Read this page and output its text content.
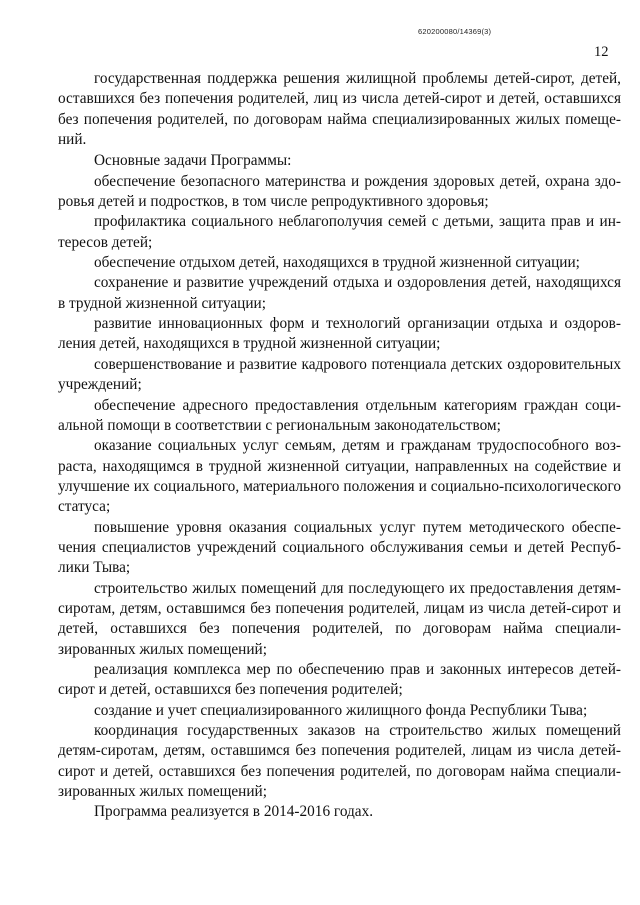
620200080/14369(3)
12

государственная поддержка решения жилищной проблемы детей-сирот, детей, оставшихся без попечения родителей, лиц из числа детей-сирот и детей, оставшихся без попечения родителей, по договорам найма специализированных жилых помещений.

Основные задачи Программы:

обеспечение безопасного материнства и рождения здоровых детей, охрана здоровья детей и подростков, в том числе репродуктивного здоровья;

профилактика социального неблагополучия семей с детьми, защита прав и интересов детей;

обеспечение отдыхом детей, находящихся в трудной жизненной ситуации;

сохранение и развитие учреждений отдыха и оздоровления детей, находящихся в трудной жизненной ситуации;

развитие инновационных форм и технологий организации отдыха и оздоровления детей, находящихся в трудной жизненной ситуации;

совершенствование и развитие кадрового потенциала детских оздоровительных учреждений;

обеспечение адресного предоставления отдельным категориям граждан социальной помощи в соответствии с региональным законодательством;

оказание социальных услуг семьям, детям и гражданам трудоспособного возраста, находящимся в трудной жизненной ситуации, направленных на содействие и улучшение их социального, материального положения и социально-психологического статуса;

повышение уровня оказания социальных услуг путем методического обеспечения специалистов учреждений социального обслуживания семьи и детей Республики Тыва;

строительство жилых помещений для последующего их предоставления детям-сиротам, детям, оставшимся без попечения родителей, лицам из числа детей-сирот и детей, оставшихся без попечения родителей, по договорам найма специализированных жилых помещений;

реализация комплекса мер по обеспечению прав и законных интересов детей-сирот и детей, оставшихся без попечения родителей;

создание и учет специализированного жилищного фонда Республики Тыва;

координация государственных заказов на строительство жилых помещений детям-сиротам, детям, оставшимся без попечения родителей, лицам из числа детей-сирот и детей, оставшихся без попечения родителей, по договорам найма специализированных жилых помещений;

Программа реализуется в 2014-2016 годах.
